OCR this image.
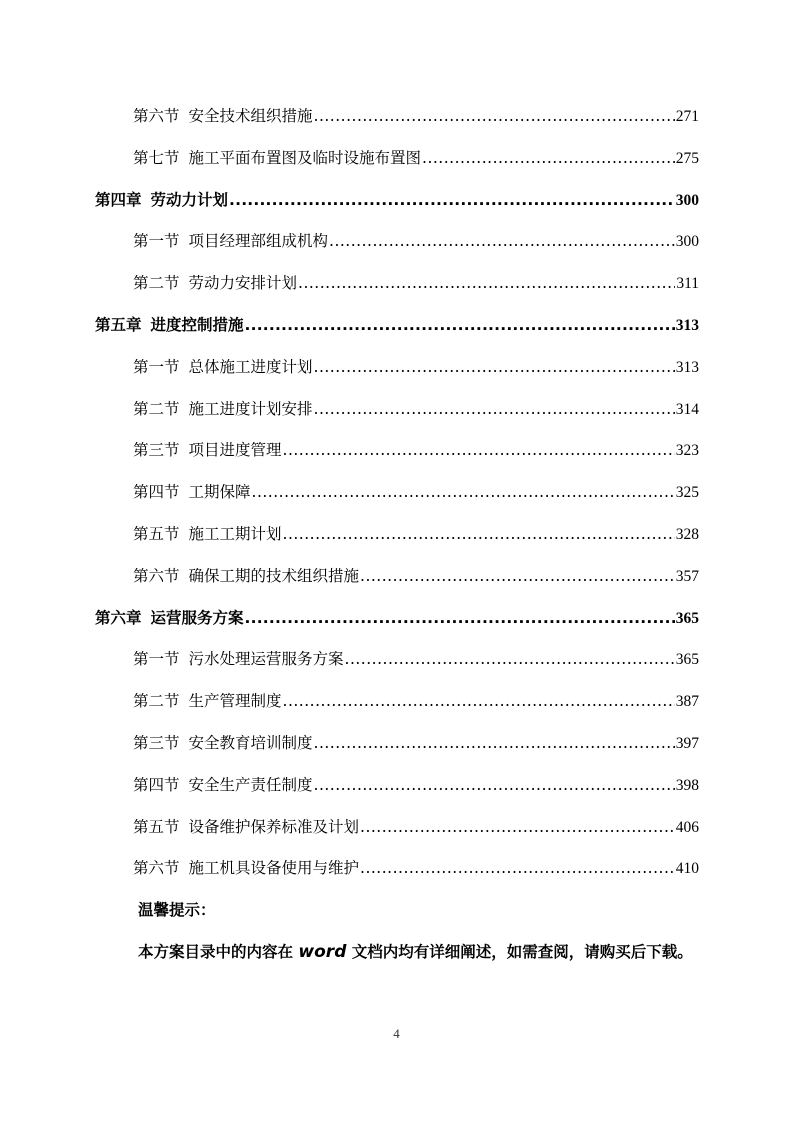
第六节 安全技术组织措施 .....	271
第七节 施工平面布置图及临时设施布置图 .....	275
第四章 劳动力计划 .....	300
第一节 项目经理部组成机构 .....	300
第二节 劳动力安排计划 .....	311
第五章 进度控制措施 .....	313
第一节 总体施工进度计划 .....	313
第二节 施工进度计划安排 .....	314
第三节 项目进度管理 .....	323
第四节 工期保障 .....	325
第五节 施工工期计划 .....	328
第六节 确保工期的技术组织措施 .....	357
第六章 运营服务方案 .....	365
第一节 污水处理运营服务方案 .....	365
第二节 生产管理制度 .....	387
第三节 安全教育培训制度 .....	397
第四节 安全生产责任制度 .....	398
第五节 设备维护保养标准及计划 .....	406
第六节 施工机具设备使用与维护 .....	410
温馨提示：
本方案目录中的内容在 word 文档内均有详细阐述，如需查阅，请购买后下载。
4
